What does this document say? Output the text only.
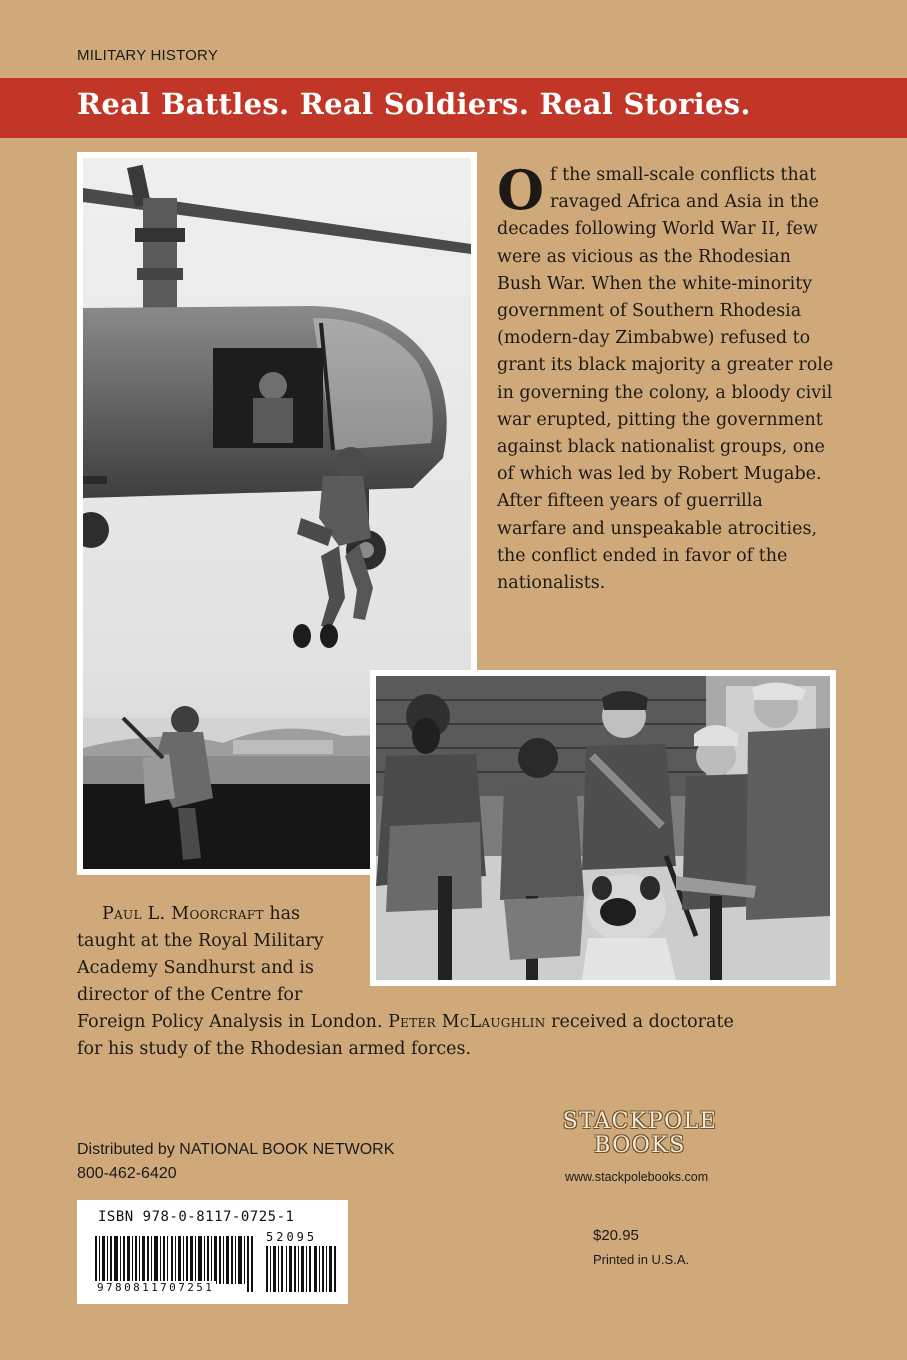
MILITARY HISTORY
Real Battles. Real Soldiers. Real Stories.
O f the small-scale conflicts that ravaged Africa and Asia in the decades following World War II, few were as vicious as the Rhodesian Bush War. When the white-minority government of Southern Rhodesia (modern-day Zimbabwe) refused to grant its black majority a greater role in governing the colony, a bloody civil war erupted, pitting the government against black nationalist groups, one of which was led by Robert Mugabe. After fifteen years of guerrilla warfare and unspeakable atrocities, the conflict ended in favor of the nationalists.
Paul L. Moorcraft has
taught at the Royal Military
Academy Sandhurst and is
director of the Centre for
Foreign Policy Analysis in London. Peter McLaughlin received a doctorate
for his study of the Rhodesian armed forces.
Distributed by NATIONAL BOOK NETWORK
800-462-6420
STACKPOLE
BOOKS
www.stackpolebooks.com
$20.95
Printed in U.S.A.
ISBN 978-0-8117-0725-1
52095
9780811707251
